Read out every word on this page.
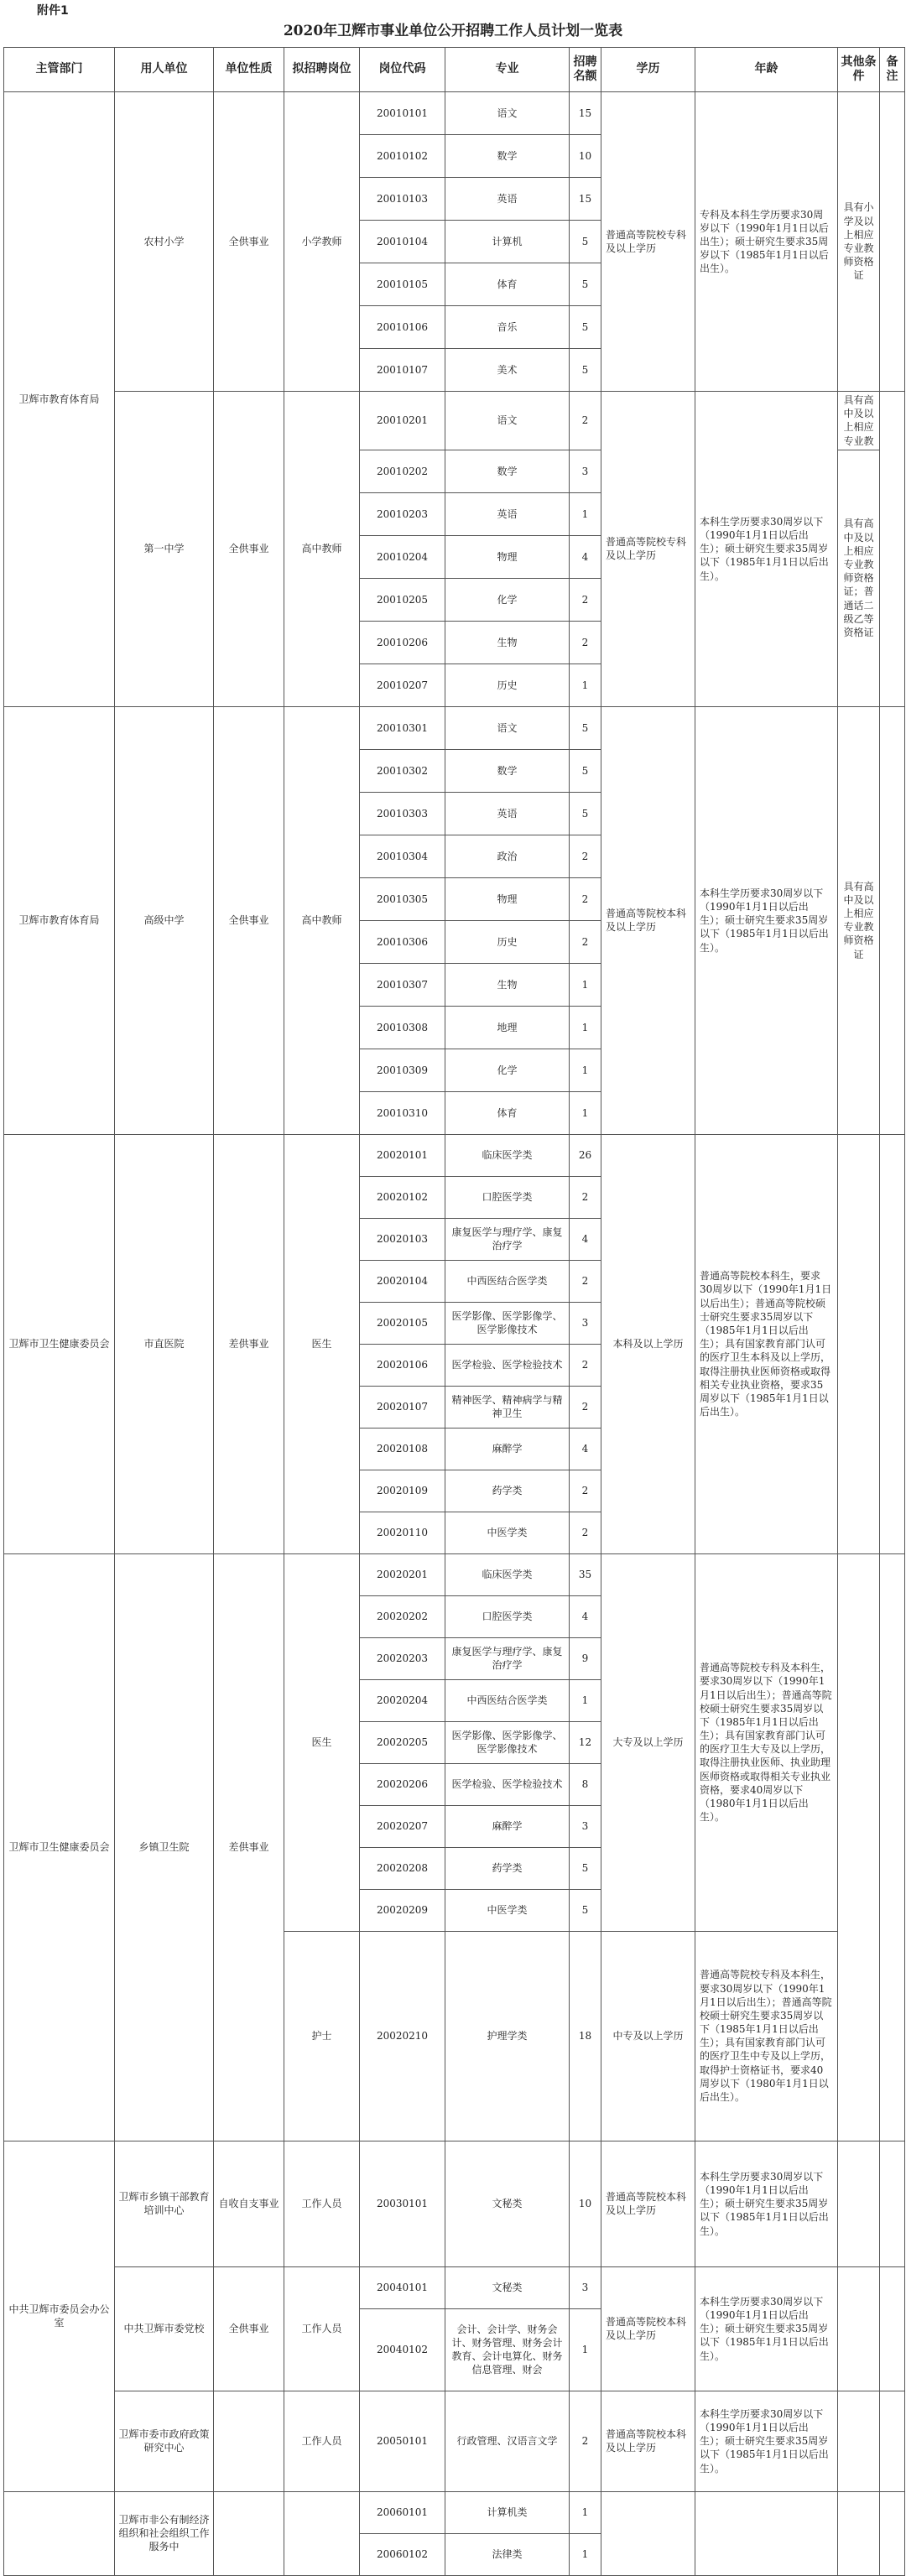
附件1
2020年卫辉市事业单位公开招聘工作人员计划一览表
主管部门	用人单位	单位性质	拟招聘岗位	岗位代码	专业	招聘名额	学历	年龄	其他条件	备注
卫辉市教育体育局	农村小学	全供事业	小学教师	20010101	语文	15	普通高等院校专科及以上学历	专科及本科生学历要求30周岁以下（1990年1月1日以后出生）；硕士研究生要求35周岁以下（1985年1月1日以后出生）。	具有小学及以上相应专业教师资格证	
				20010102	数学	10				
				20010103	英语	15				
				20010104	计算机	5				
				20010105	体育	5				
				20010106	音乐	5				
				20010107	美术	5				
	第一中学	全供事业	高中教师	20010201	语文	2	普通高等院校专科及以上学历	本科生学历要求30周岁以下（1990年1月1日以后出生）；硕士研究生要求35周岁以下（1985年1月1日以后出生）。	具有高中及以上相应专业教	
				20010202	数学	3			具有高中及以上相应专业教师资格证；普通话二级乙等资格证	
				20010203	英语	1				
				20010204	物理	4				
				20010205	化学	2				
				20010206	生物	2				
				20010207	历史	1				
卫辉市教育体育局	高级中学	全供事业	高中教师	20010301	语文	5	普通高等院校本科及以上学历	本科生学历要求30周岁以下（1990年1月1日以后出生）；硕士研究生要求35周岁以下（1985年1月1日以后出生）。	具有高中及以上相应专业教师资格证	
				20010302	数学	5				
				20010303	英语	5				
				20010304	政治	2				
				20010305	物理	2				
				20010306	历史	2				
				20010307	生物	1				
				20010308	地理	1				
				20010309	化学	1				
				20010310	体育	1				
卫辉市卫生健康委员会	市直医院	差供事业	医生	20020101	临床医学类	26	本科及以上学历	普通高等院校本科生，要求30周岁以下（1990年1月1日以后出生）；普通高等院校硕士研究生要求35周岁以下（1985年1月1日以后出生）；具有国家教育部门认可的医疗卫生本科及以上学历，取得注册执业医师资格或取得相关专业执业资格，要求35周岁以下（1985年1月1日以后出生）。		
				20020102	口腔医学类	2				
				20020103	康复医学与理疗学、康复治疗学	4				
				20020104	中西医结合医学类	2				
				20020105	医学影像、医学影像学、医学影像技术	3				
				20020106	医学检验、医学检验技术	2				
				20020107	精神医学、精神病学与精神卫生	2				
				20020108	麻醉学	4				
				20020109	药学类	2				
				20020110	中医学类	2				
卫辉市卫生健康委员会	乡镇卫生院	差供事业	医生	20020201	临床医学类	35	大专及以上学历	普通高等院校专科及本科生，要求30周岁以下（1990年1月1日以后出生）；普通高等院校硕士研究生要求35周岁以下（1985年1月1日以后出生）；具有国家教育部门认可的医疗卫生大专及以上学历，取得注册执业医师、执业助理医师资格或取得相关专业执业资格，要求40周岁以下（1980年1月1日以后出生）。		
				20020202	口腔医学类	4				
				20020203	康复医学与理疗学、康复治疗学	9				
				20020204	中西医结合医学类	1				
				20020205	医学影像、医学影像学、医学影像技术	12				
				20020206	医学检验、医学检验技术	8				
				20020207	麻醉学	3				
				20020208	药学类	5				
				20020209	中医学类	5				
			护士	20020210	护理学类	18	中专及以上学历	普通高等院校专科及本科生，要求30周岁以下（1990年1月1日以后出生）；普通高等院校硕士研究生要求35周岁以下（1985年1月1日以后出生）；具有国家教育部门认可的医疗卫生中专及以上学历，取得护士资格证书，要求40周岁以下（1980年1月1日以后出生）。		
中共卫辉市委员会办公室	卫辉市乡镇干部教育培训中心	自收自支事业	工作人员	20030101	文秘类	10	普通高等院校本科及以上学历	本科生学历要求30周岁以下（1990年1月1日以后出生）；硕士研究生要求35周岁以下（1985年1月1日以后出生）。		
	中共卫辉市委党校	全供事业	工作人员	20040101	文秘类	3	普通高等院校本科及以上学历	本科生学历要求30周岁以下（1990年1月1日以后出生）；硕士研究生要求35周岁以下（1985年1月1日以后出生）。		
				20040102	会计、会计学、财务会计、财务管理、财务会计教育、会计电算化、财务信息管理、财会	1				
	卫辉市委市政府政策研究中心		工作人员	20050101	行政管理、汉语言文学	2	普通高等院校本科及以上学历	本科生学历要求30周岁以下（1990年1月1日以后出生）；硕士研究生要求35周岁以下（1985年1月1日以后出生）。		
	卫辉市非公有制经济组织和社会组织工作服务中			20060101	计算机类	1				
				20060102	法律类	1				
